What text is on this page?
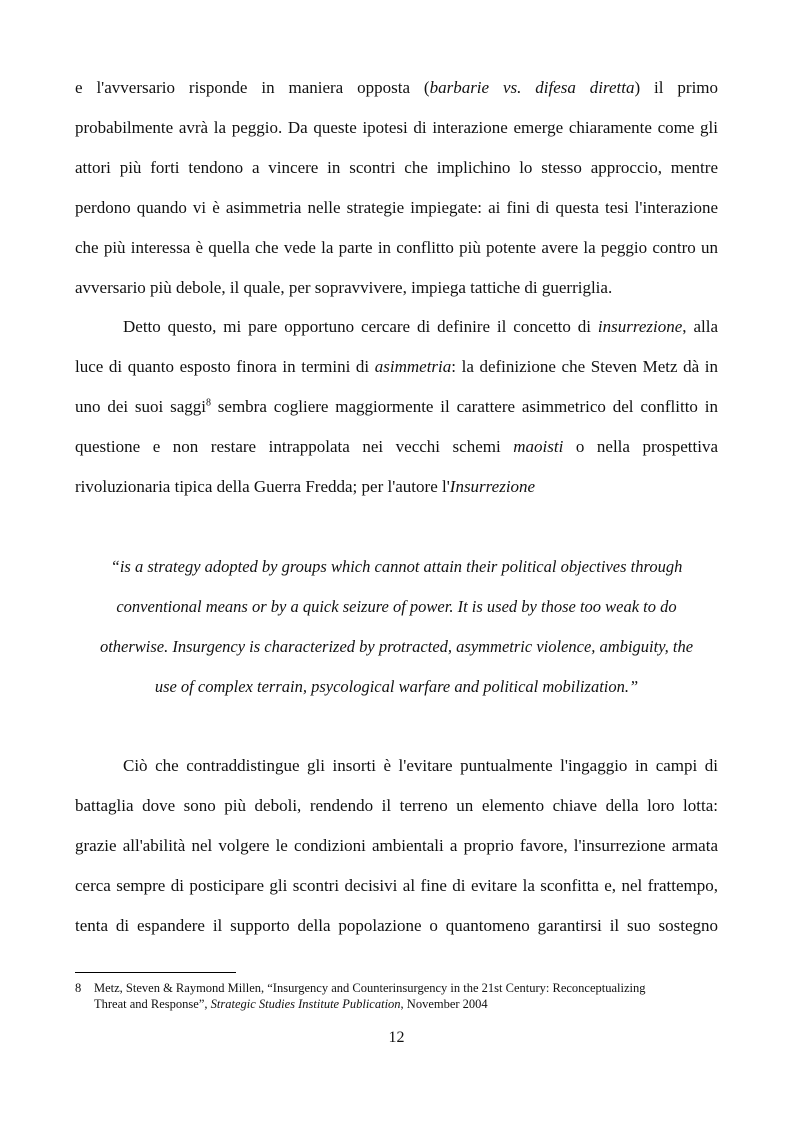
e l'avversario risponde in maniera opposta (barbarie vs. difesa diretta) il primo
probabilmente avrà la peggio. Da queste ipotesi di interazione emerge chiaramente come gli
attori più forti tendono a vincere in scontri che implichino lo stesso approccio, mentre
perdono quando vi è asimmetria nelle strategie impiegate: ai fini di questa tesi l'interazione
che più interessa è quella che vede la parte in conflitto più potente avere la peggio contro un
avversario più debole, il quale, per sopravvivere, impiega tattiche di guerriglia.
Detto questo, mi pare opportuno cercare di definire il concetto di insurrezione, alla
luce di quanto esposto finora in termini di asimmetria: la definizione che Steven Metz dà in
uno dei suoi saggi$^8$ sembra cogliere maggiormente il carattere asimmetrico del conflitto in
questione e non restare intrappolata nei vecchi schemi maoisti o nella prospettiva
rivoluzionaria tipica della Guerra Fredda; per l'autore l'Insurrezione
“is a strategy adopted by groups which cannot attain their political objectives through
conventional means or by a quick seizure of power. It is used by those too weak to do
otherwise. Insurgency is characterized by protracted, asymmetric violence, ambiguity, the
use of complex terrain, psycological warfare and political mobilization.”
Ciò che contraddistingue gli insorti è l'evitare puntualmente l'ingaggio in campi di
battaglia dove sono più deboli, rendendo il terreno un elemento chiave della loro lotta:
grazie all'abilità nel volgere le condizioni ambientali a proprio favore, l'insurrezione armata
cerca sempre di posticipare gli scontri decisivi al fine di evitare la sconfitta e, nel frattempo,
tenta di espandere il supporto della popolazione o quantomeno garantirsi il suo sostegno
8 Metz, Steven & Raymond Millen, “Insurgency and Counterinsurgency in the 21st Century: Reconceptualizing
Threat and Response”, Strategic Studies Institute Publication, November 2004
12
